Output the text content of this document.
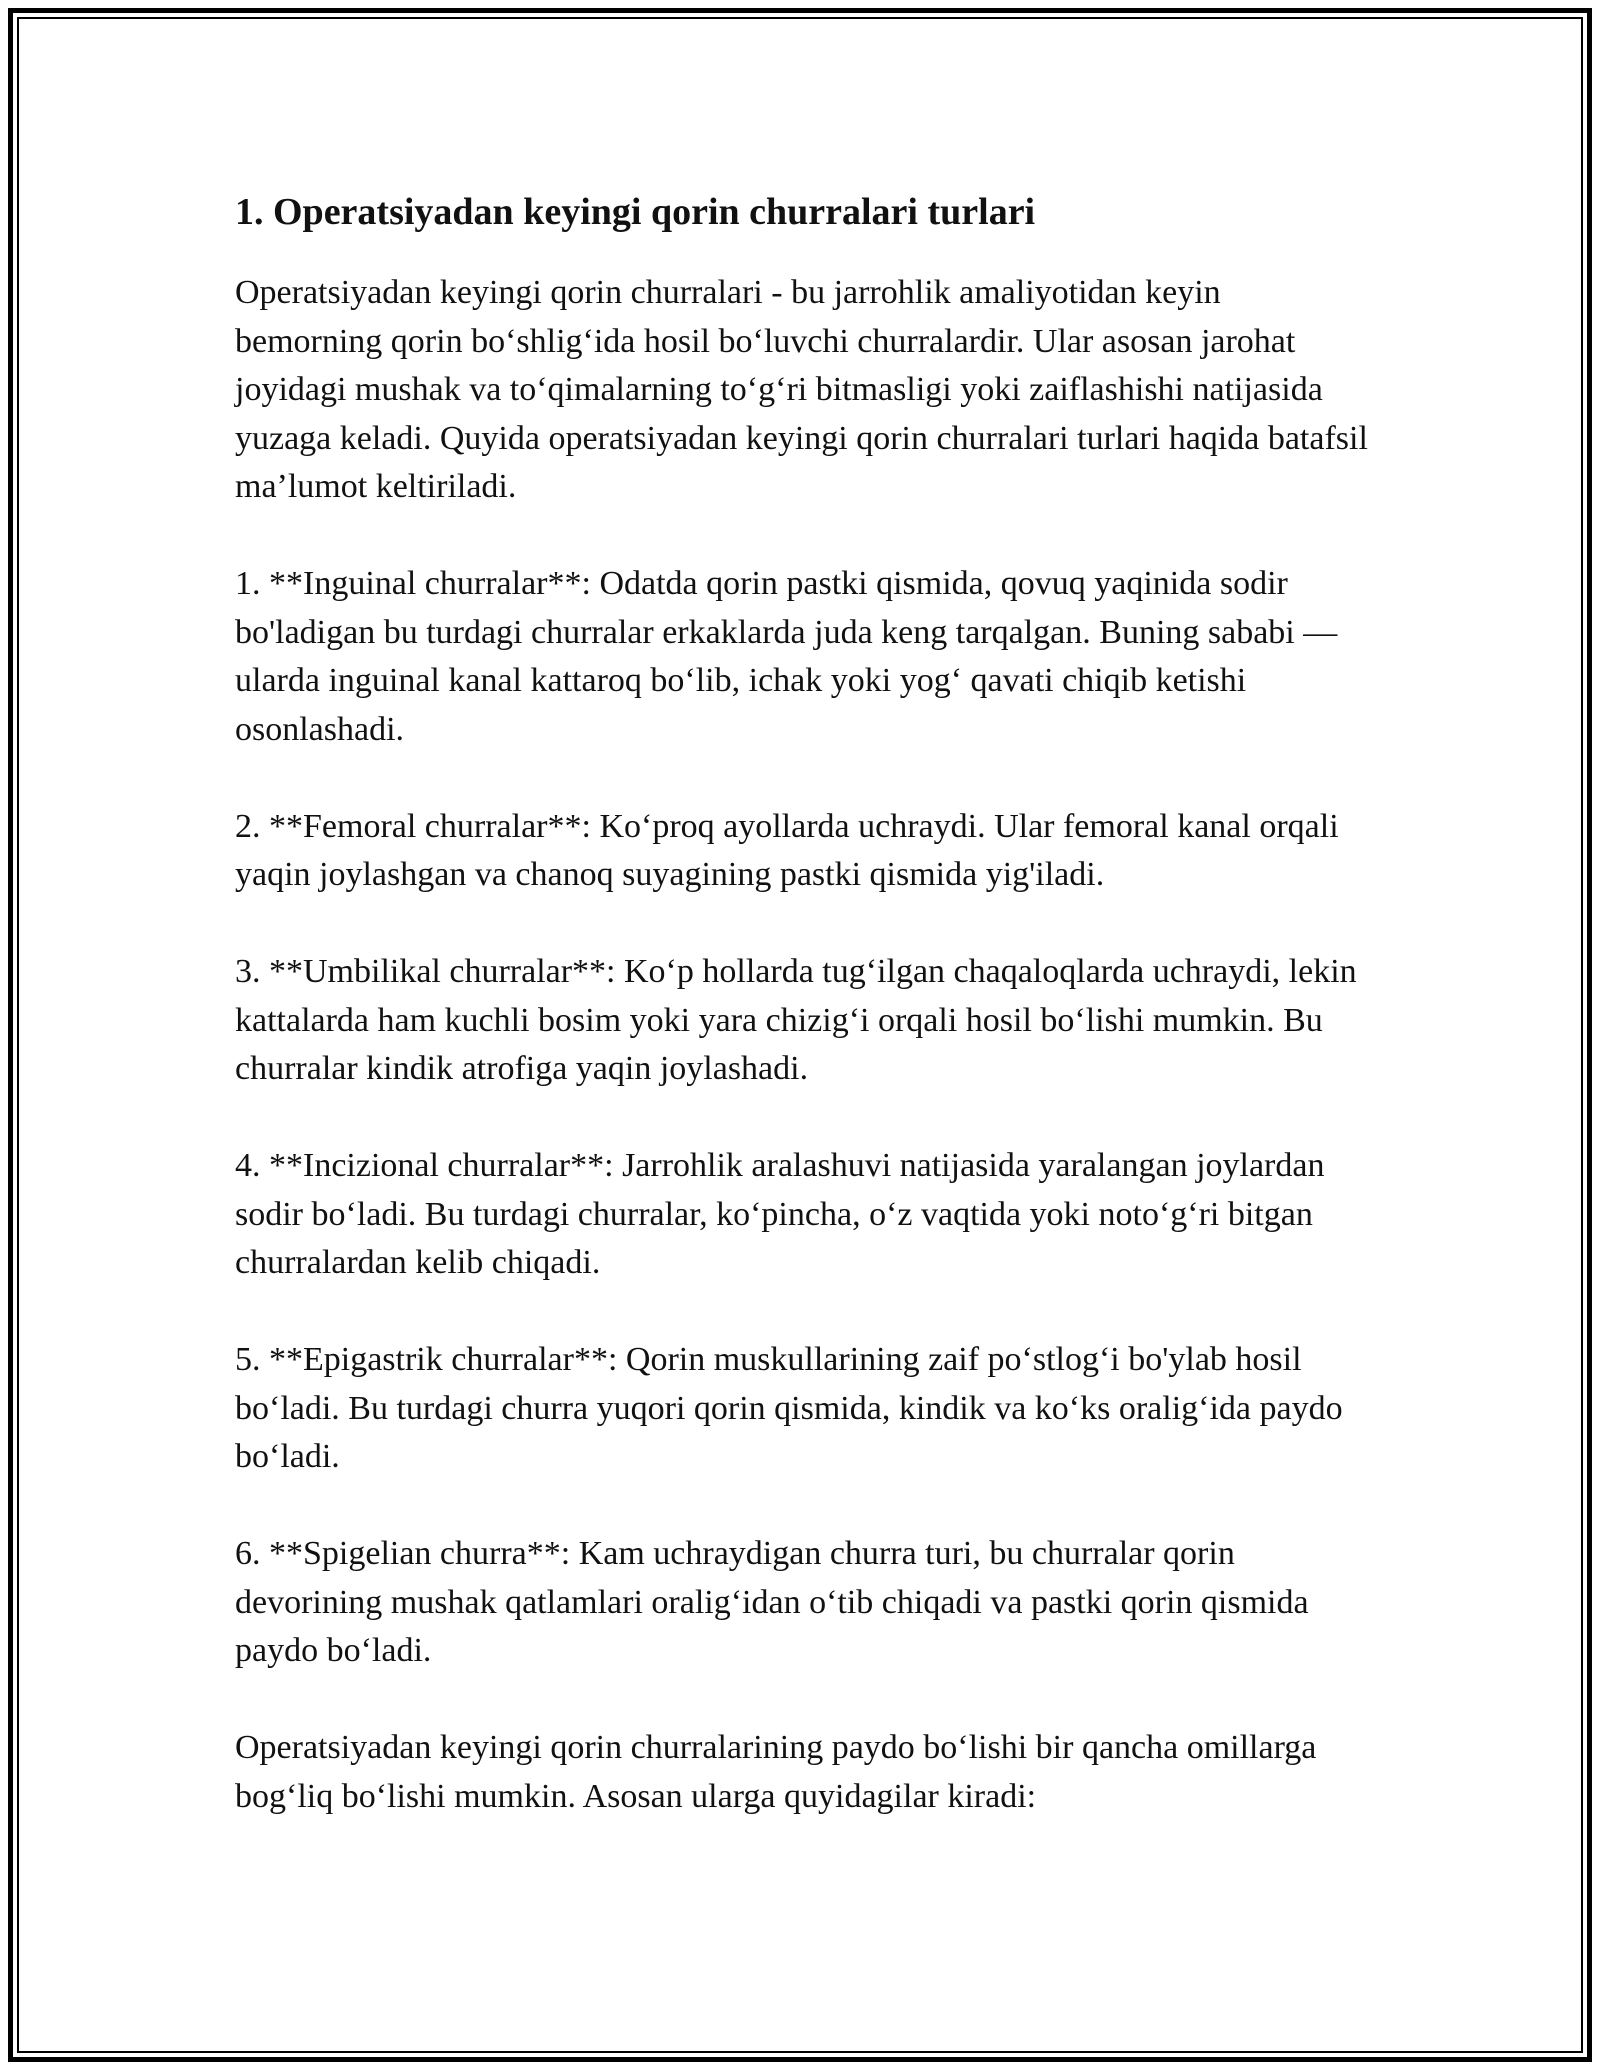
1. Operatsiyadan keyingi qorin churralari turlari

Operatsiyadan keyingi qorin churralari - bu jarrohlik amaliyotidan keyin bemorning qorin bo‘shlig‘ida hosil bo‘luvchi churralardir. Ular asosan jarohat joyidagi mushak va to‘qimalarning to‘g‘ri bitmasligi yoki zaiflashishi natijasida yuzaga keladi. Quyida operatsiyadan keyingi qorin churralari turlari haqida batafsil ma’lumot keltiriladi.

1. **Inguinal churralar**: Odatda qorin pastki qismida, qovuq yaqinida sodir bo'ladigan bu turdagi churralar erkaklarda juda keng tarqalgan. Buning sababi — ularda inguinal kanal kattaroq bo‘lib, ichak yoki yog‘ qavati chiqib ketishi osonlashadi.

2. **Femoral churralar**: Ko‘proq ayollarda uchraydi. Ular femoral kanal orqali yaqin joylashgan va chanoq suyagining pastki qismida yig'iladi.

3. **Umbilikal churralar**: Ko‘p hollarda tug‘ilgan chaqaloqlarda uchraydi, lekin kattalarda ham kuchli bosim yoki yara chizig‘i orqali hosil bo‘lishi mumkin. Bu churralar kindik atrofiga yaqin joylashadi.

4. **Incizional churralar**: Jarrohlik aralashuvi natijasida yaralangan joylardan sodir bo‘ladi. Bu turdagi churralar, ko‘pincha, o‘z vaqtida yoki noto‘g‘ri bitgan churralardan kelib chiqadi.

5. **Epigastrik churralar**: Qorin muskullarining zaif po‘stlog‘i bo'ylab hosil bo‘ladi. Bu turdagi churra yuqori qorin qismida, kindik va ko‘ks oralig‘ida paydo bo‘ladi.

6. **Spigelian churra**: Kam uchraydigan churra turi, bu churralar qorin devorining mushak qatlamlari oralig‘idan o‘tib chiqadi va pastki qorin qismida paydo bo‘ladi.

Operatsiyadan keyingi qorin churralarining paydo bo‘lishi bir qancha omillarga bog‘liq bo‘lishi mumkin. Asosan ularga quyidagilar kiradi:
